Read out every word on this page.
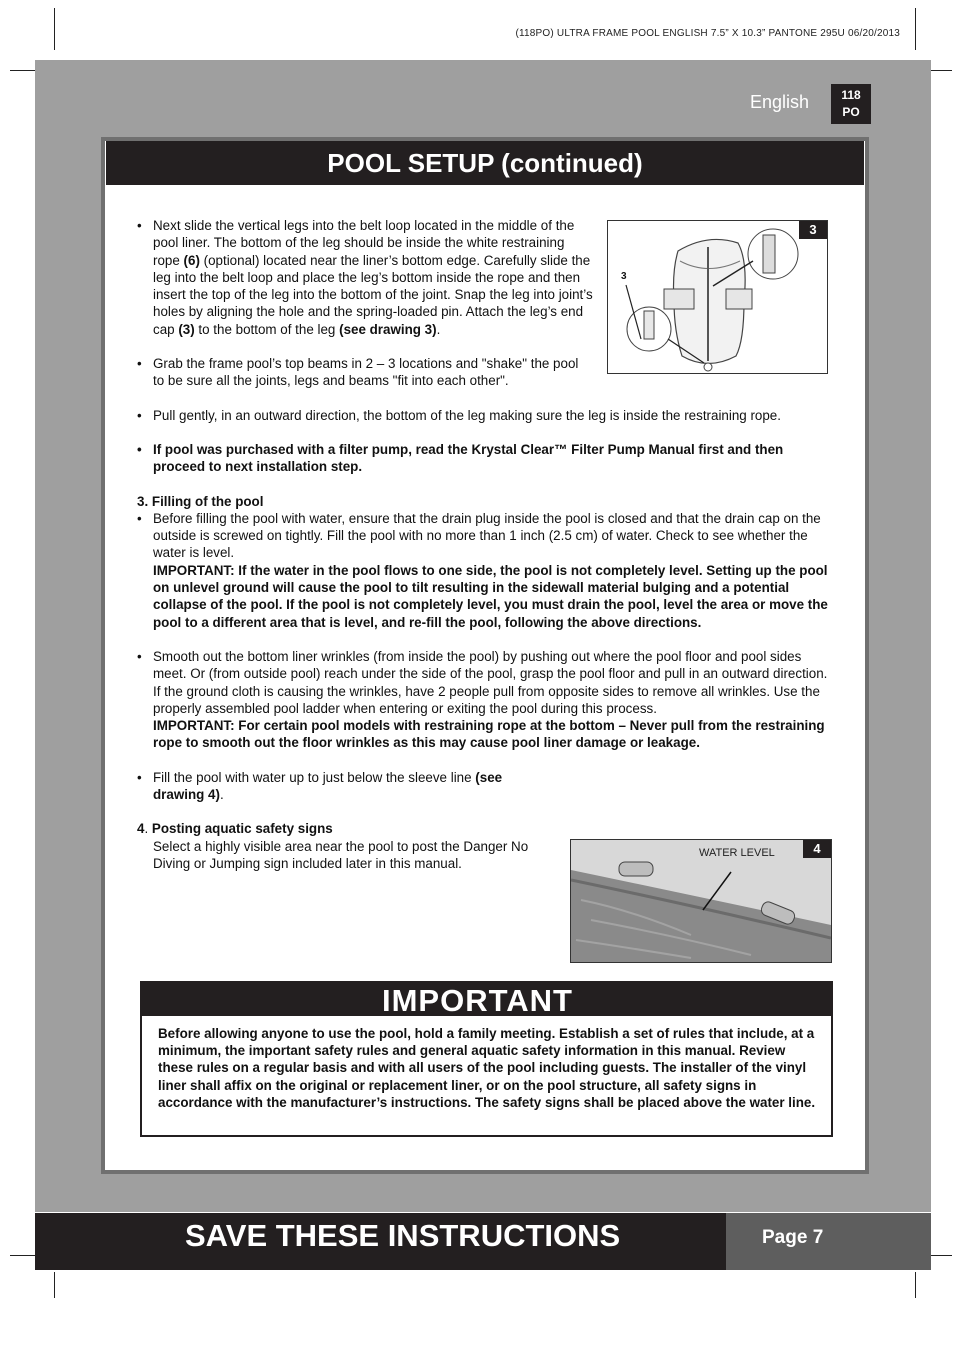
(118PO) ULTRA FRAME POOL ENGLISH 7.5” X 10.3” PANTONE 295U 06/20/2013
English	118
PO
POOL SETUP (continued)
• Next slide the vertical legs into the belt loop located in the middle of the pool liner. The bottom of the leg should be inside the white restraining rope (6) (optional) located near the liner’s bottom edge. Carefully slide the leg into the belt loop and place the leg’s bottom inside the rope and then insert the top of the leg into the bottom of the joint. Snap the leg into joint’s holes by aligning the hole and the spring-loaded pin. Attach the leg’s end cap (3) to the bottom of the leg (see drawing 3).
• Grab the frame pool’s top beams in 2 – 3 locations and "shake" the pool to be sure all the joints, legs and beams "fit into each other".
• Pull gently, in an outward direction, the bottom of the leg making sure the leg is inside the restraining rope.
• If pool was purchased with a filter pump, read the Krystal Clear™ Filter Pump Manual first and then proceed to next installation step.
3. Filling of the pool
• Before filling the pool with water, ensure that the drain plug inside the pool is closed and that the drain cap on the outside is screwed on tightly. Fill the pool with no more than 1 inch (2.5 cm) of water. Check to see whether the water is level.
IMPORTANT: If the water in the pool flows to one side, the pool is not completely level. Setting up the pool on unlevel ground will cause the pool to tilt resulting in the sidewall material bulging and a potential collapse of the pool. If the pool is not completely level, you must drain the pool, level the area or move the pool to a different area that is level, and re-fill the pool, following the above directions.
• Smooth out the bottom liner wrinkles (from inside the pool) by pushing out where the pool floor and pool sides meet. Or (from outside pool) reach under the side of the pool, grasp the pool floor and pull in an outward direction. If the ground cloth is causing the wrinkles, have 2 people pull from opposite sides to remove all wrinkles. Use the properly assembled pool ladder when entering or exiting the pool during this process.
IMPORTANT: For certain pool models with restraining rope at the bottom – Never pull from the restraining rope to smooth out the floor wrinkles as this may cause pool liner damage or leakage.
• Fill the pool with water up to just below the sleeve line (see drawing 4).
4. Posting aquatic safety signs
Select a highly visible area near the pool to post the Danger No Diving or Jumping sign included later in this manual.
3
3
WATER LEVEL	4
IMPORTANT
Before allowing anyone to use the pool, hold a family meeting. Establish a set of rules that include, at a minimum, the important safety rules and general aquatic safety information in this manual. Review these rules on a regular basis and with all users of the pool including guests. The installer of the vinyl liner shall affix on the original or replacement liner, or on the pool structure, all safety signs in accordance with the manufacturer’s instructions. The safety signs shall be placed above the water line.
SAVE THESE INSTRUCTIONS	Page 7
